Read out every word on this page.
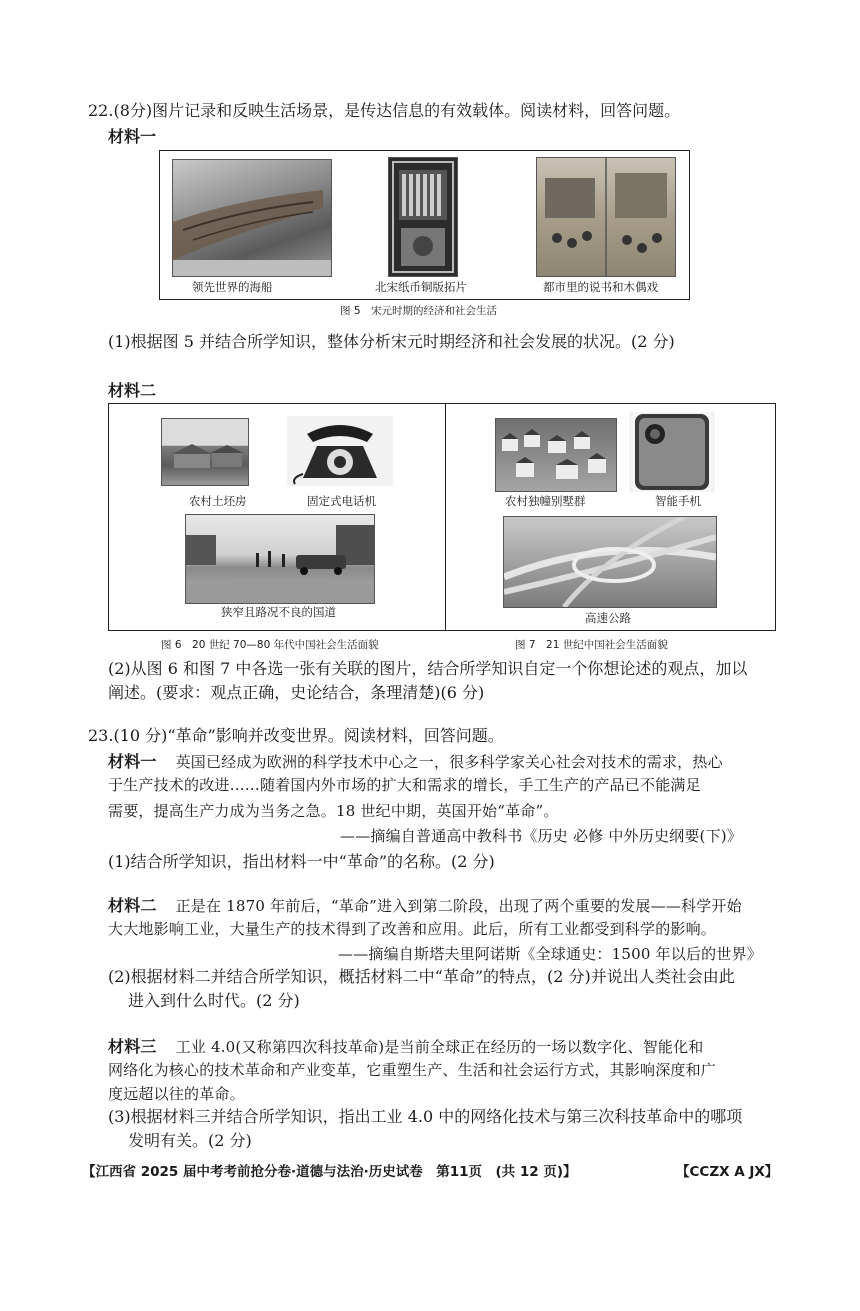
22.(8分)图片记录和反映生活场景，是传达信息的有效载体。阅读材料，回答问题。
材料一
领先世界的海船	北宋纸币铜版拓片	都市里的说书和木偶戏
图 5　宋元时期的经济和社会生活
(1)根据图 5 并结合所学知识，整体分析宋元时期经济和社会发展的状况。(2 分)
材料二
农村土坯房	固定式电话机
狭窄且路况不良的国道
农村独幢别墅群	智能手机
高速公路
图 6　20 世纪 70—80 年代中国社会生活面貌	图 7　21 世纪中国社会生活面貌
(2)从图 6 和图 7 中各选一张有关联的图片，结合所学知识自定一个你想论述的观点，加以
阐述。(要求：观点正确，史论结合，条理清楚)(6 分)
23.(10 分)“革命”影响并改变世界。阅读材料，回答问题。
材料一 英国已经成为欧洲的科学技术中心之一，很多科学家关心社会对技术的需求，热心
于生产技术的改进……随着国内外市场的扩大和需求的增长，手工生产的产品已不能满足
需要，提高生产力成为当务之急。18 世纪中期，英国开始“革命”。
——摘编自普通高中教科书《历史 必修 中外历史纲要(下)》
(1)结合所学知识，指出材料一中“革命”的名称。(2 分)
材料二 正是在 1870 年前后，“革命”进入到第二阶段，出现了两个重要的发展——科学开始
大大地影响工业，大量生产的技术得到了改善和应用。此后，所有工业都受到科学的影响。
——摘编自斯塔夫里阿诺斯《全球通史：1500 年以后的世界》
(2)根据材料二并结合所学知识，概括材料二中“革命”的特点，(2 分)并说出人类社会由此
进入到什么时代。(2 分)
材料三 工业 4.0(又称第四次科技革命)是当前全球正在经历的一场以数字化、智能化和
网络化为核心的技术革命和产业变革，它重塑生产、生活和社会运行方式，其影响深度和广
度远超以往的革命。
(3)根据材料三并结合所学知识，指出工业 4.0 中的网络化技术与第三次科技革命中的哪项
发明有关。(2 分)
【江西省 2025 届中考考前抢分卷·道德与法治·历史试卷　第11页　(共 12 页)】	【CCZX A JX】
